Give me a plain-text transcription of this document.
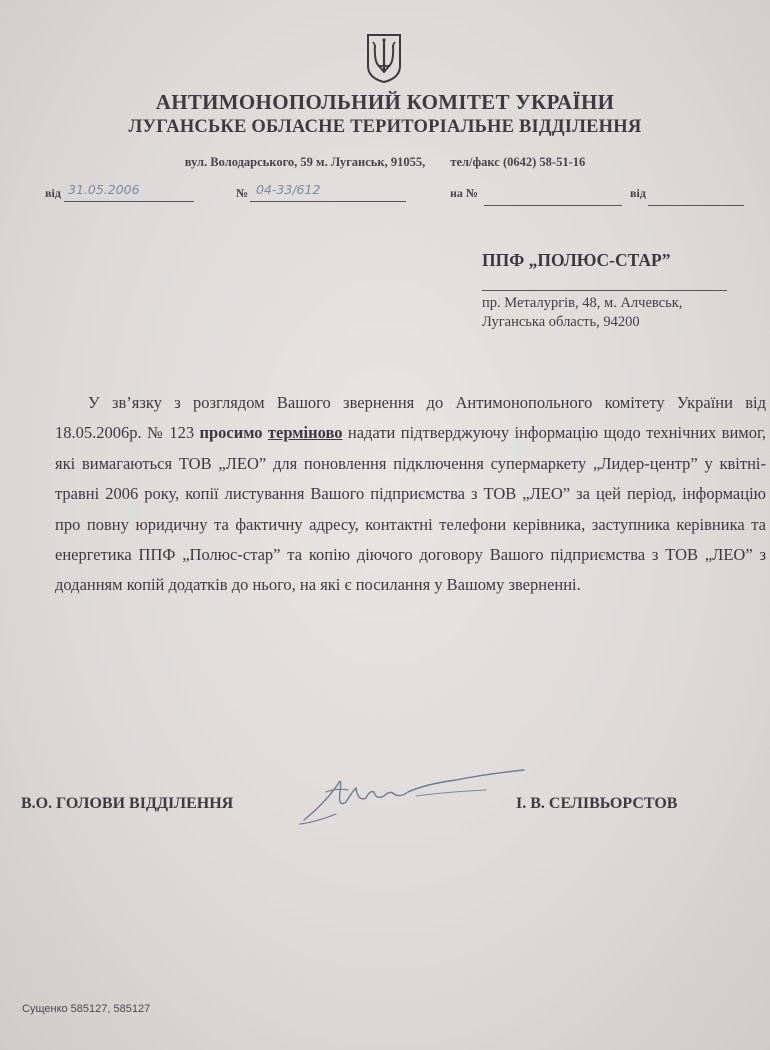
АНТИМОНОПОЛЬНИЙ КОМІТЕТ УКРАЇНИ
ЛУГАНСЬКЕ ОБЛАСНЕ ТЕРИТОРІАЛЬНЕ ВІДДІЛЕННЯ
вул. Володарського, 59 м. Луганськ, 91055, тел/факс (0642) 58-51-16
від 31.05.2006	№ 04-33/612	на №	від
ППФ „ПОЛЮС-СТАР”
пр. Металургів, 48, м. Алчевськ,
Луганська область, 94200
У зв’язку з розглядом Вашого звернення до Антимонопольного комітету України від 18.05.2006р. № 123 просимо терміново надати підтверджуючу інформацію щодо технічних вимог, які вимагаються ТОВ „ЛЕО” для поновлення підключення супермаркету „Лидер-центр” у квітні-травні 2006 року, копії листування Вашого підприємства з ТОВ „ЛЕО” за цей період, інформацію про повну юридичну та фактичну адресу, контактні телефони керівника, заступника керівника та енергетика ППФ „Полюс-стар” та копію діючого договору Вашого підприємства з ТОВ „ЛЕО” з доданням копій додатків до нього, на які є посилання у Вашому зверненні.
В.О. ГОЛОВИ ВІДДІЛЕННЯ	І. В. СЕЛІВЬОРСТОВ
Сущенко 585127, 585127
